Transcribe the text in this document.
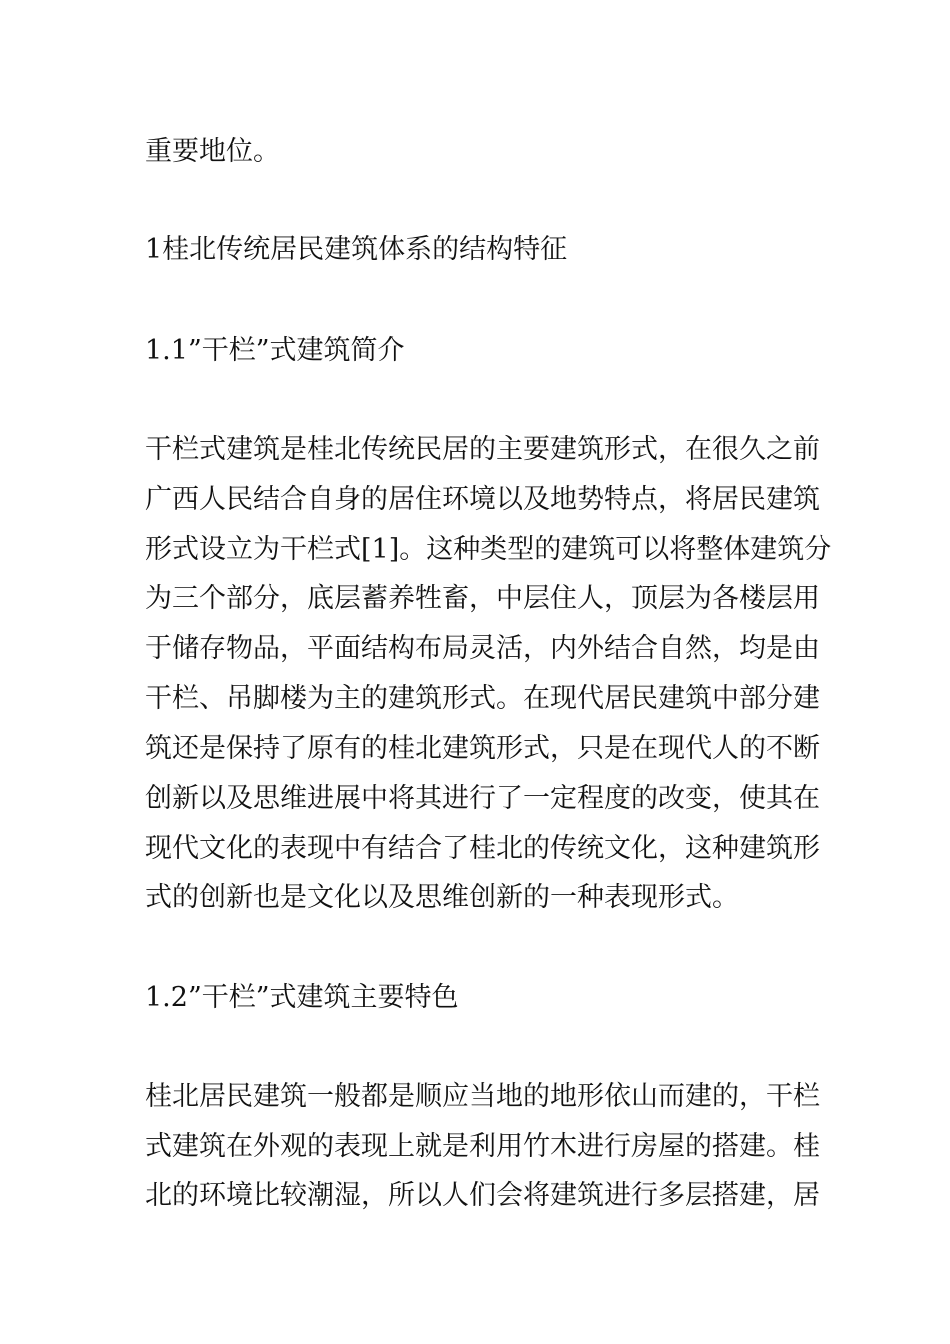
重要地位。
1桂北传统居民建筑体系的结构特征
1.1”干栏”式建筑简介
干栏式建筑是桂北传统民居的主要建筑形式，在很久之前
广西人民结合自身的居住环境以及地势特点，将居民建筑
形式设立为干栏式[1]。这种类型的建筑可以将整体建筑分
为三个部分，底层蓄养牲畜，中层住人，顶层为各楼层用
于储存物品，平面结构布局灵活，内外结合自然，均是由
干栏、吊脚楼为主的建筑形式。在现代居民建筑中部分建
筑还是保持了原有的桂北建筑形式，只是在现代人的不断
创新以及思维进展中将其进行了一定程度的改变，使其在
现代文化的表现中有结合了桂北的传统文化，这种建筑形
式的创新也是文化以及思维创新的一种表现形式。
1.2”干栏”式建筑主要特色
桂北居民建筑一般都是顺应当地的地形依山而建的，干栏
式建筑在外观的表现上就是利用竹木进行房屋的搭建。桂
北的环境比较潮湿，所以人们会将建筑进行多层搭建，居
